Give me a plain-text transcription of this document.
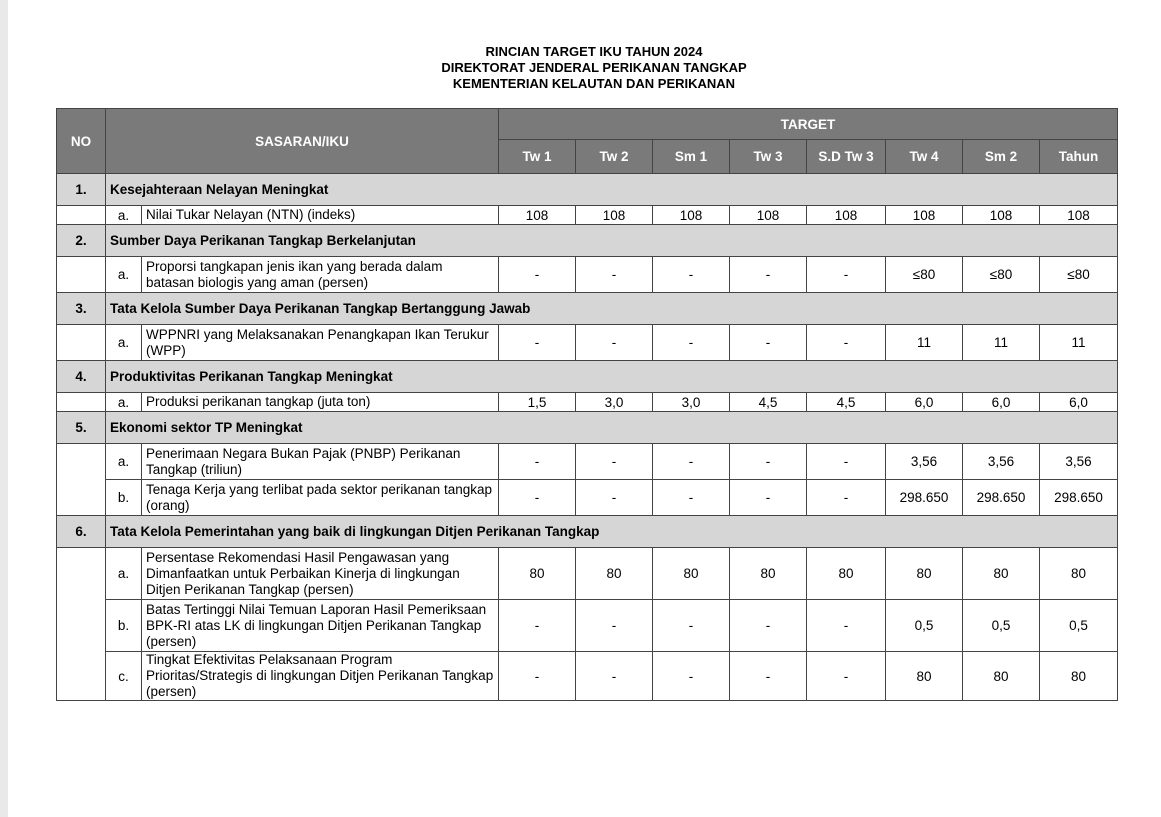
RINCIAN TARGET IKU TAHUN 2024
DIREKTORAT JENDERAL PERIKANAN TANGKAP
KEMENTERIAN KELAUTAN DAN PERIKANAN
NO	SASARAN/IKU		TARGET							
			Tw 1	Tw 2	Sm 1	Tw 3	S.D Tw 3	Tw 4	Sm 2	Tahun
1.	Kesejahteraan Nelayan Meningkat									
	a.	Nilai Tukar Nelayan (NTN) (indeks)	108	108	108	108	108	108	108	108
2.	Sumber Daya Perikanan Tangkap Berkelanjutan									
	a.	Proporsi tangkapan jenis ikan yang berada dalam batasan biologis yang aman (persen)	-	-	-	-	-	≤80	≤80	≤80
3.	Tata Kelola Sumber Daya Perikanan Tangkap Bertanggung Jawab									
	a.	WPPNRI yang Melaksanakan Penangkapan Ikan Terukur (WPP)	-	-	-	-	-	11	11	11
4.	Produktivitas Perikanan Tangkap Meningkat									
	a.	Produksi perikanan tangkap (juta ton)	1,5	3,0	3,0	4,5	4,5	6,0	6,0	6,0
5.	Ekonomi sektor TP Meningkat									
	a.	Penerimaan Negara Bukan Pajak (PNBP) Perikanan Tangkap (triliun)	-	-	-	-	-	3,56	3,56	3,56
	b.	Tenaga Kerja yang terlibat pada sektor perikanan tangkap (orang)	-	-	-	-	-	298.650	298.650	298.650
6.	Tata Kelola Pemerintahan yang baik di lingkungan Ditjen Perikanan Tangkap									
	a.	Persentase Rekomendasi Hasil Pengawasan yang Dimanfaatkan untuk Perbaikan Kinerja di lingkungan Ditjen Perikanan Tangkap (persen)	80	80	80	80	80	80	80	80
	b.	Batas Tertinggi Nilai Temuan Laporan Hasil Pemeriksaan BPK-RI atas LK di lingkungan Ditjen Perikanan Tangkap (persen)	-	-	-	-	-	0,5	0,5	0,5
	c.	Tingkat Efektivitas Pelaksanaan Program Prioritas/Strategis di lingkungan Ditjen Perikanan Tangkap (persen)	-	-	-	-	-	80	80	80
